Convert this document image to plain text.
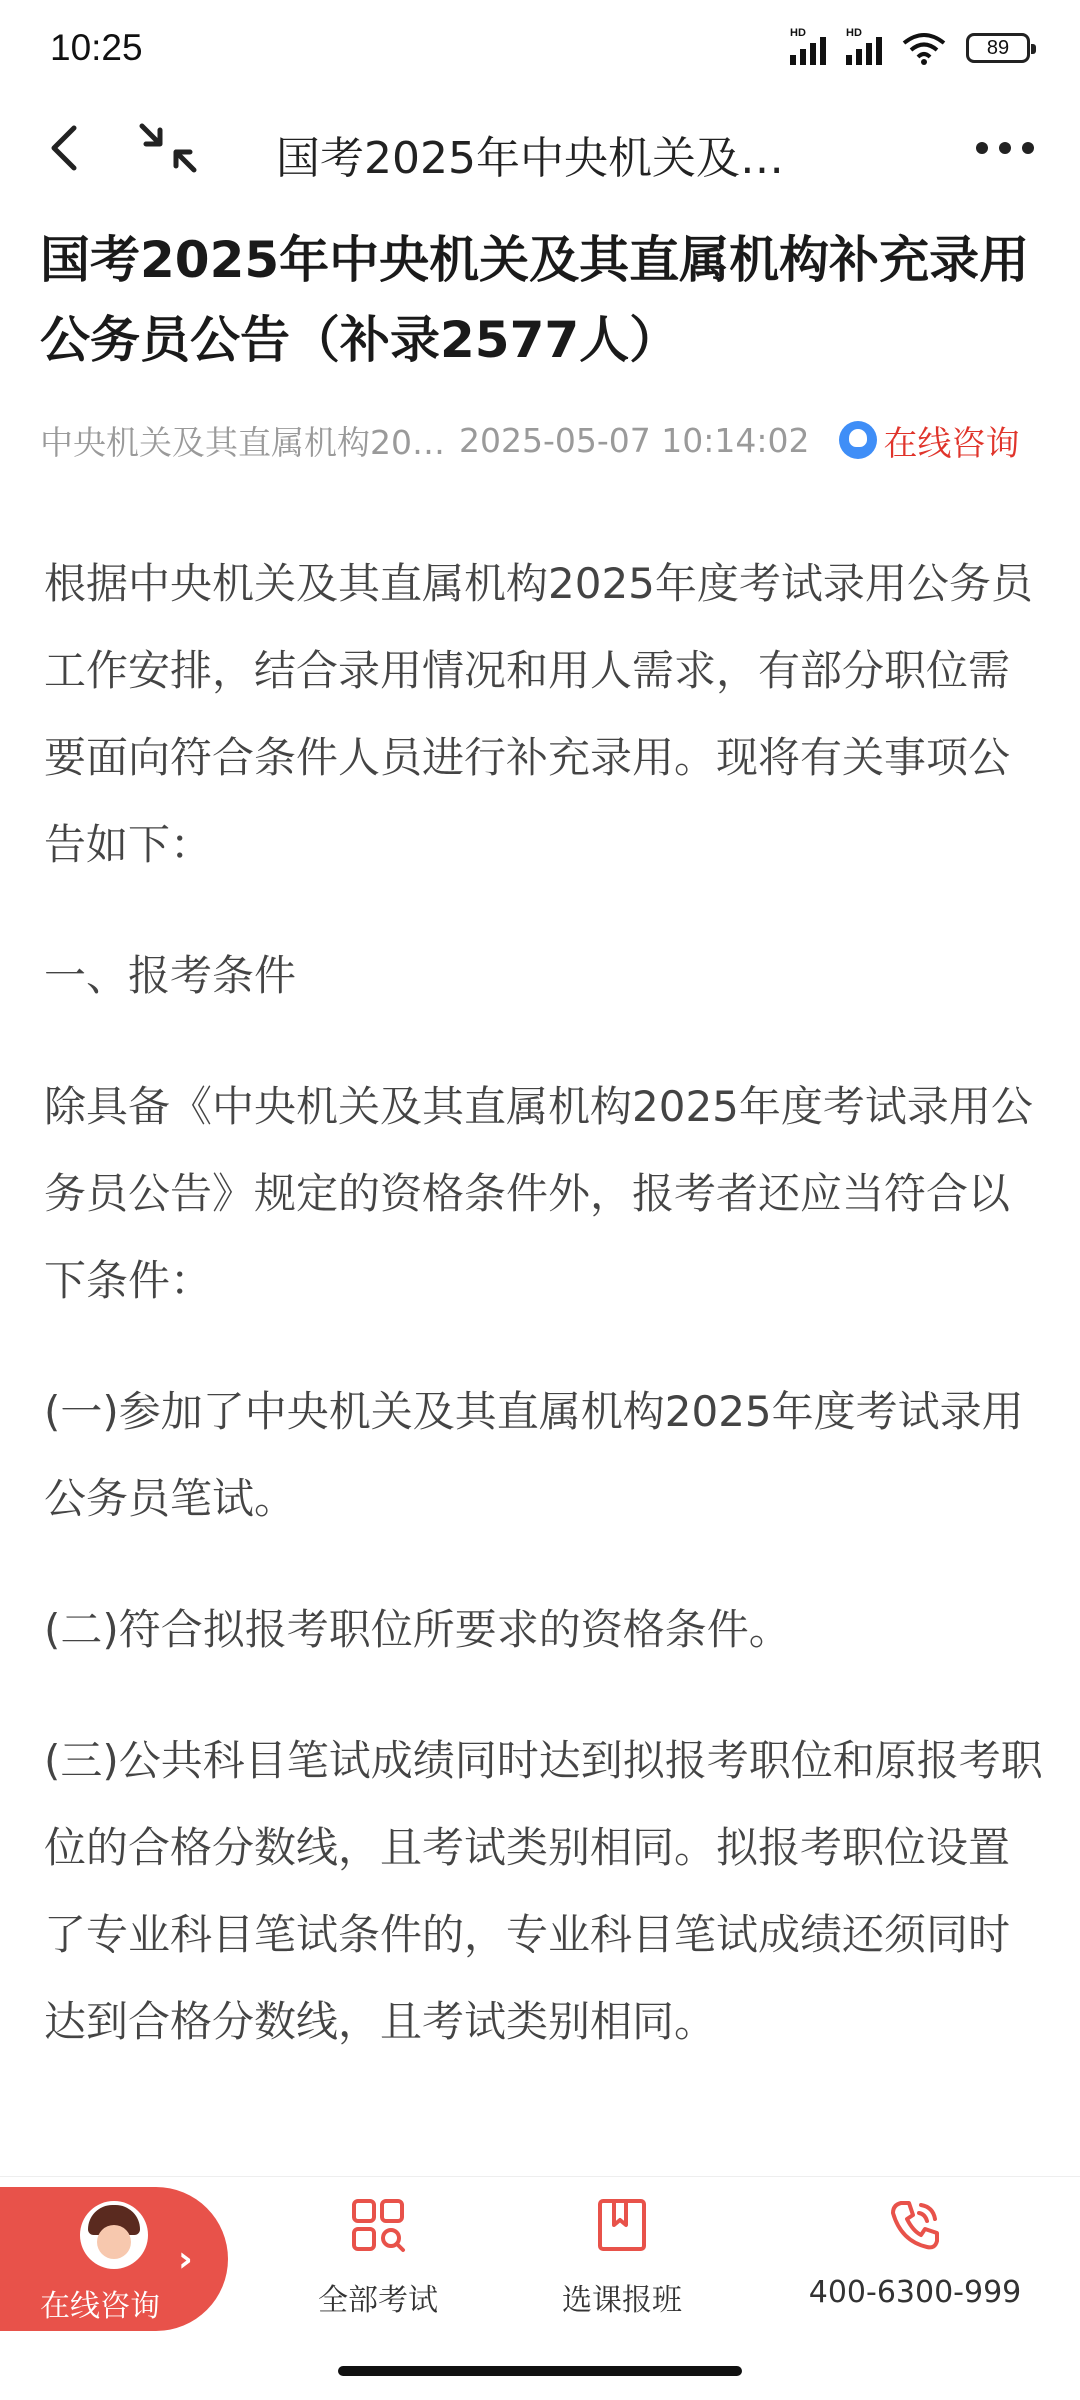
10:25	HD	HD
89
国考2025年中央机关及…
国考2025年中央机关及其直属机构补充录用公务员公告（补录2577人）
中央机关及其直属机构20… 2025-05-07 10:14:02 在线咨询

根据中央机关及其直属机构2025年度考试录用公务员工作安排，结合录用情况和用人需求，有部分职位需要面向符合条件人员进行补充录用。现将有关事项公告如下：

一、报考条件

除具备《中央机关及其直属机构2025年度考试录用公务员公告》规定的资格条件外，报考者还应当符合以下条件：

(一)参加了中央机关及其直属机构2025年度考试录用公务员笔试。

(二)符合拟报考职位所要求的资格条件。

(三)公共科目笔试成绩同时达到拟报考职位和原报考职位的合格分数线，且考试类别相同。拟报考职位设置了专业科目笔试条件的，专业科目笔试成绩还须同时达到合格分数线，且考试类别相同。

›
在线咨询	全部考试	选课报班	400-6300-999
